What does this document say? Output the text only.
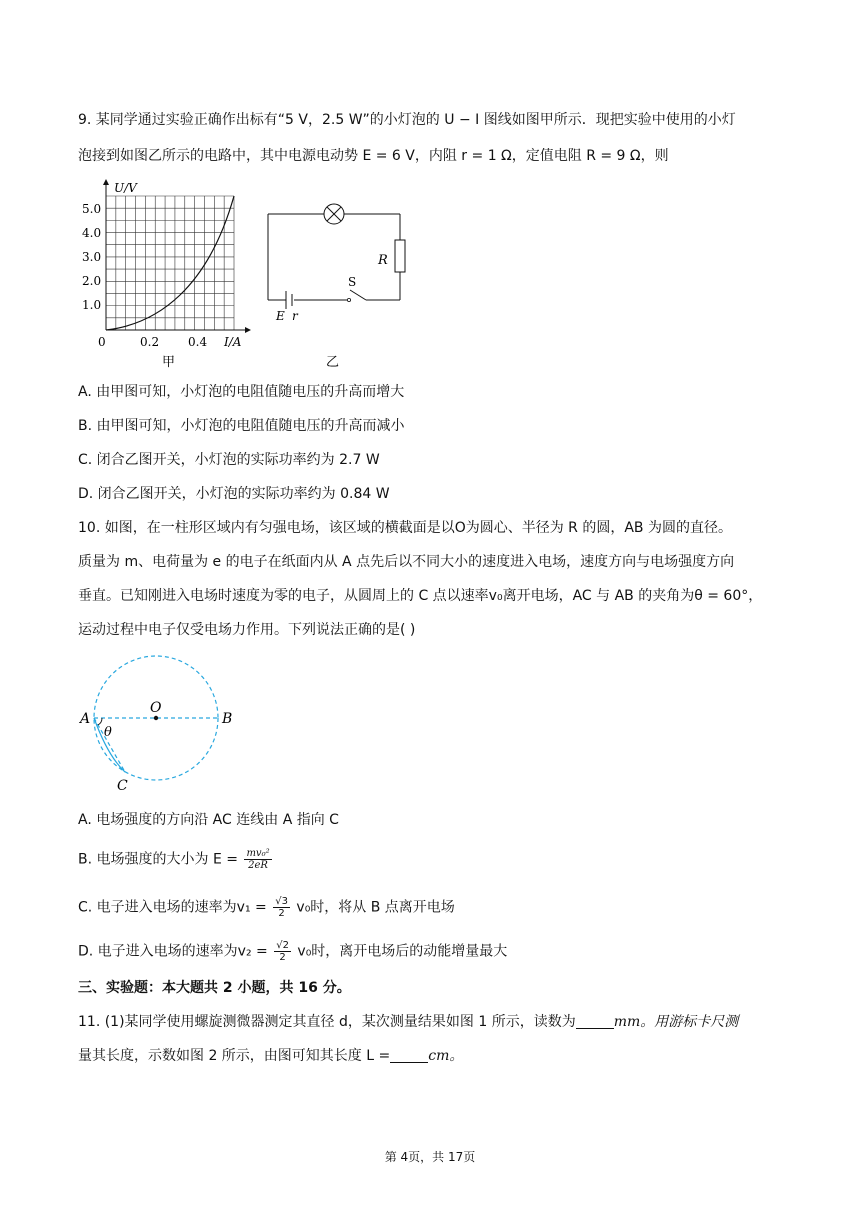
9. 某同学通过实验正确作出标有“5 V，2.5 W”的小灯泡的 U − I 图线如图甲所示．现把实验中使用的小灯
泡接到如图乙所示的电路中，其中电源电动势 E = 6 V，内阻 r = 1 Ω，定值电阻 R = 9 Ω，则
U/V
5.0
4.0
3.0
2.0
1.0
0	0.2 0.4 I/A
甲
R
S
E r
乙
A. 由甲图可知，小灯泡的电阻值随电压的升高而增大
B. 由甲图可知，小灯泡的电阻值随电压的升高而减小
C. 闭合乙图开关，小灯泡的实际功率约为 2.7 W
D. 闭合乙图开关，小灯泡的实际功率约为 0.84 W
10. 如图，在一柱形区域内有匀强电场，该区域的横截面是以O为圆心、半径为 R 的圆，AB 为圆的直径。
质量为 m、电荷量为 e 的电子在纸面内从 A 点先后以不同大小的速度进入电场，速度方向与电场强度方向
垂直。已知刚进入电场时速度为零的电子，从圆周上的 C 点以速率v₀离开电场，AC 与 AB 的夹角为θ = 60°，
运动过程中电子仅受电场力作用。下列说法正确的是( )
O
A	B
C
θ
A. 电场强度的方向沿 AC 连线由 A 指向 C
B. 电场强度的大小为 $E = \frac{\text{mv₀²}}{2eR}$
C. 电子进入电场的速率为$v_1 = \frac{√3}{2} v_0$时，将从 B 点离开电场
D. 电子进入电场的速率为$v_2 = \frac{√2}{2} v_0$时，离开电场后的动能增量最大
三、实验题：本大题共 2 小题，共 16 分。
11. (1)某同学使用螺旋测微器测定其直径 d，某次测量结果如图 1 所示，读数为	mm。用游标卡尺测
量其长度，示数如图 2 所示，由图可知其长度 L =	cm。
第 4页，共 17页
